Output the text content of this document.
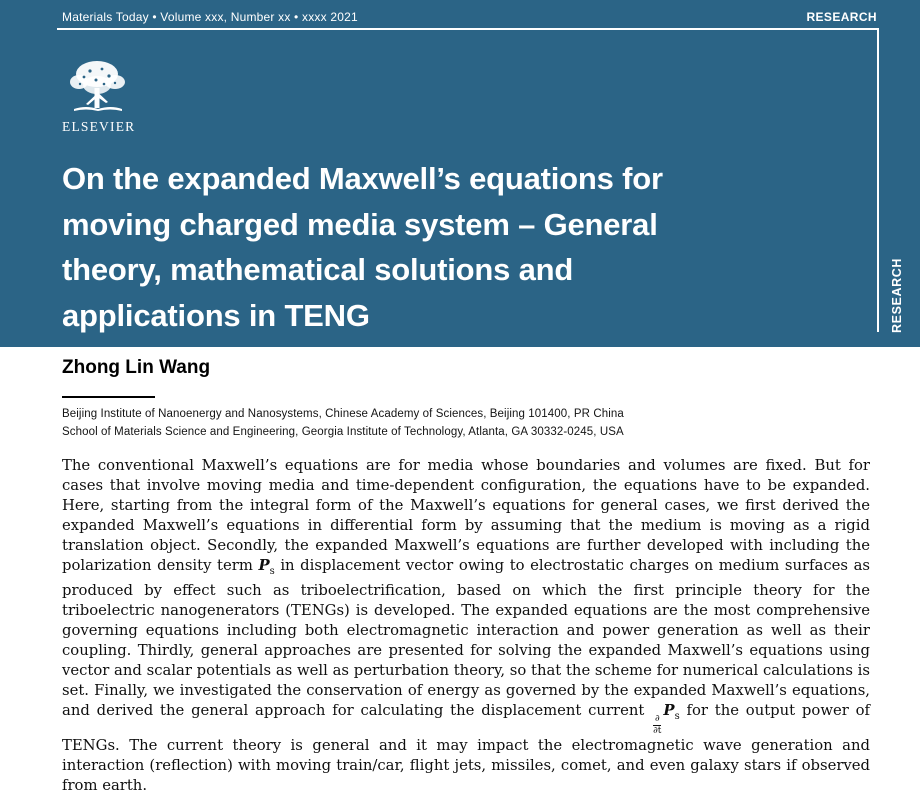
Materials Today • Volume xxx, Number xx • xxxx 2021	RESEARCH
RESEARCH
ELSEVIER
On the expanded Maxwell’s equations for
moving charged media system – General
theory, mathematical solutions and
applications in TENG
Zhong Lin Wang
Beijing Institute of Nanoenergy and Nanosystems, Chinese Academy of Sciences, Beijing 101400, PR China
School of Materials Science and Engineering, Georgia Institute of Technology, Atlanta, GA 30332-0245, USA

The conventional Maxwell’s equations are for media whose boundaries and volumes are fixed. But for cases that involve moving media and time-dependent configuration, the equations have to be expanded. Here, starting from the integral form of the Maxwell’s equations for general cases, we first derived the expanded Maxwell’s equations in differential form by assuming that the medium is moving as a rigid translation object. Secondly, the expanded Maxwell’s equations are further developed with including the polarization density term $P_s$ in displacement vector owing to electrostatic charges on medium surfaces as produced by effect such as triboelectrification, based on which the first principle theory for the triboelectric nanogenerators (TENGs) is developed. The expanded equations are the most comprehensive governing equations including both electromagnetic interaction and power generation as well as their coupling. Thirdly, general approaches are presented for solving the expanded Maxwell’s equations using vector and scalar potentials as well as perturbation theory, so that the scheme for numerical calculations is set. Finally, we investigated the conservation of energy as governed by the expanded Maxwell’s equations, and derived the general approach for calculating the displacement current
$\frac{\partial}{\partial t}$
$P_s$ for the output power of TENGs. The current theory is general and it may impact the electromagnetic wave generation and interaction (reflection) with moving train/car, flight jets, missiles, comet, and even galaxy stars if observed from earth.
